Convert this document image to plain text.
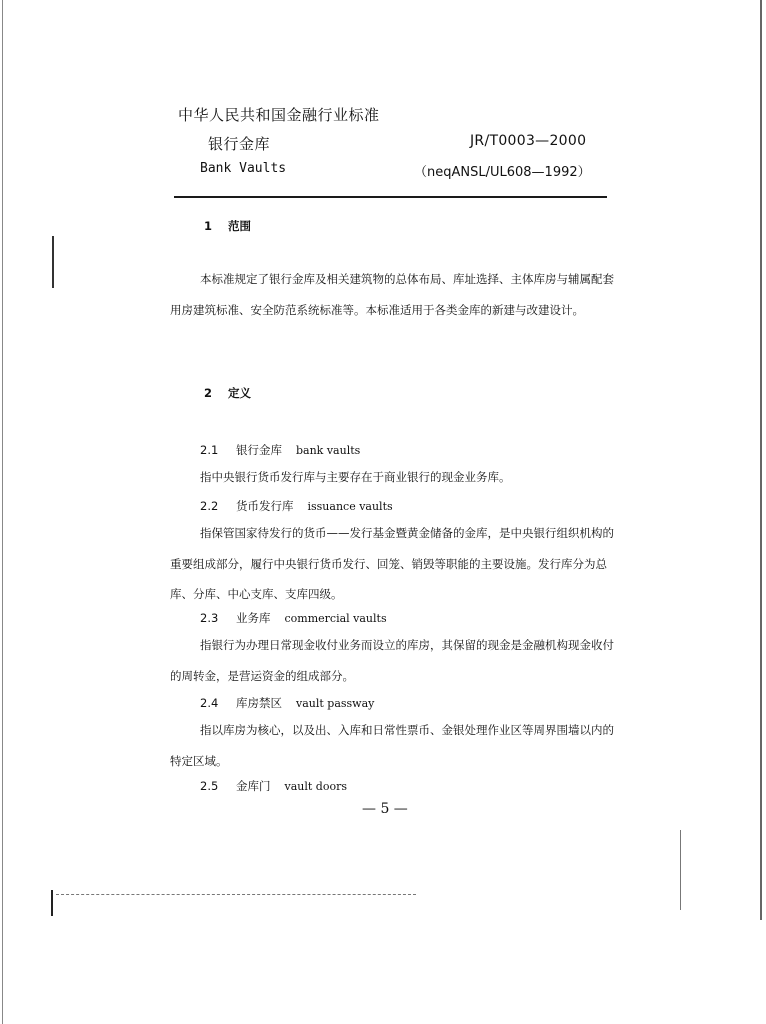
中华人民共和国金融行业标准
银行金库	JR/T0003—2000
Bank Vaults	（neqANSL/UL608—1992）
1 范围
本标准规定了银行金库及相关建筑物的总体布局、库址选择、主体库房与辅属配套用房建筑标准、安全防范系统标准等。本标准适用于各类金库的新建与改建设计。
2 定义
2.1 银行金库 bank vaults
指中央银行货币发行库与主要存在于商业银行的现金业务库。
2.2 货币发行库 issuance vaults
指保管国家待发行的货币——发行基金暨黄金储备的金库，是中央银行组织机构的重要组成部分，履行中央银行货币发行、回笼、销毁等职能的主要设施。发行库分为总库、分库、中心支库、支库四级。
2.3 业务库 commercial vaults
指银行为办理日常现金收付业务而设立的库房，其保留的现金是金融机构现金收付的周转金，是营运资金的组成部分。
2.4 库房禁区 vault passway
指以库房为核心，以及出、入库和日常性票币、金银处理作业区等周界围墙以内的特定区域。
2.5 金库门 vault doors
— 5 —
